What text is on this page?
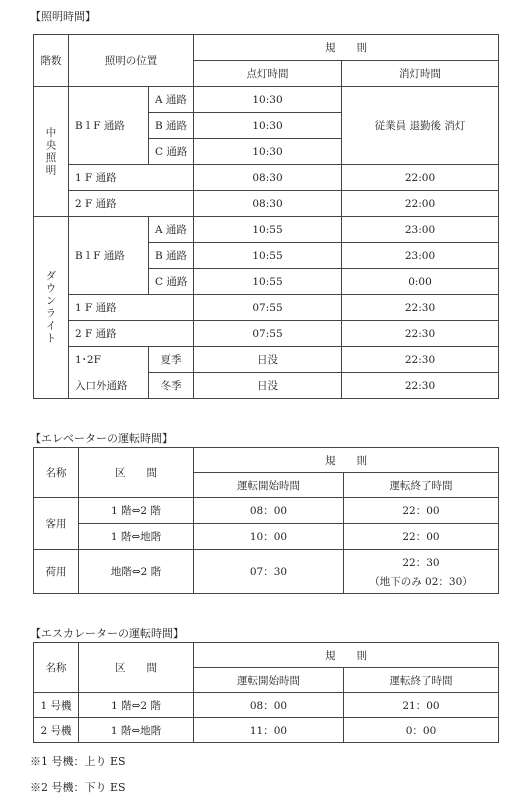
【照明時間】
階数	照明の位置		規　　則	
			点灯時間	消灯時間

中央照明	B１F 通路	A 通路	10:30	従業員 退勤後 消灯
		B 通路	10:30	
		C 通路	10:30	
	1 F 通路		08:30	22:00
	2 F 通路		08:30	22:00

ダウンライト	B１F 通路	A 通路	10:55	23:00
		B 通路	10:55	23:00
		C 通路	10:55	0:00
	1 F 通路		07:55	22:30
	2 F 通路		07:55	22:30
	1･2F	夏季	日没	22:30
	入口外通路	冬季	日没	22:30
【エレベーターの運転時間】
名称	区　　間	規　　則	
		運転開始時間	運転終了時間
客用	1 階⇔2 階	08：00	22：00
	1 階⇔地階	10：00	22：00
荷用	地階⇔2 階	07：30	22：30
（地下のみ 02：30）
【エスカレーターの運転時間】
名称	区　　間	規　　則	
		運転開始時間	運転終了時間
1 号機	1 階⇔2 階	08：00	21：00
2 号機	1 階⇔地階	11：00	0：00
※1 号機：上り ES
※2 号機：下り ES
